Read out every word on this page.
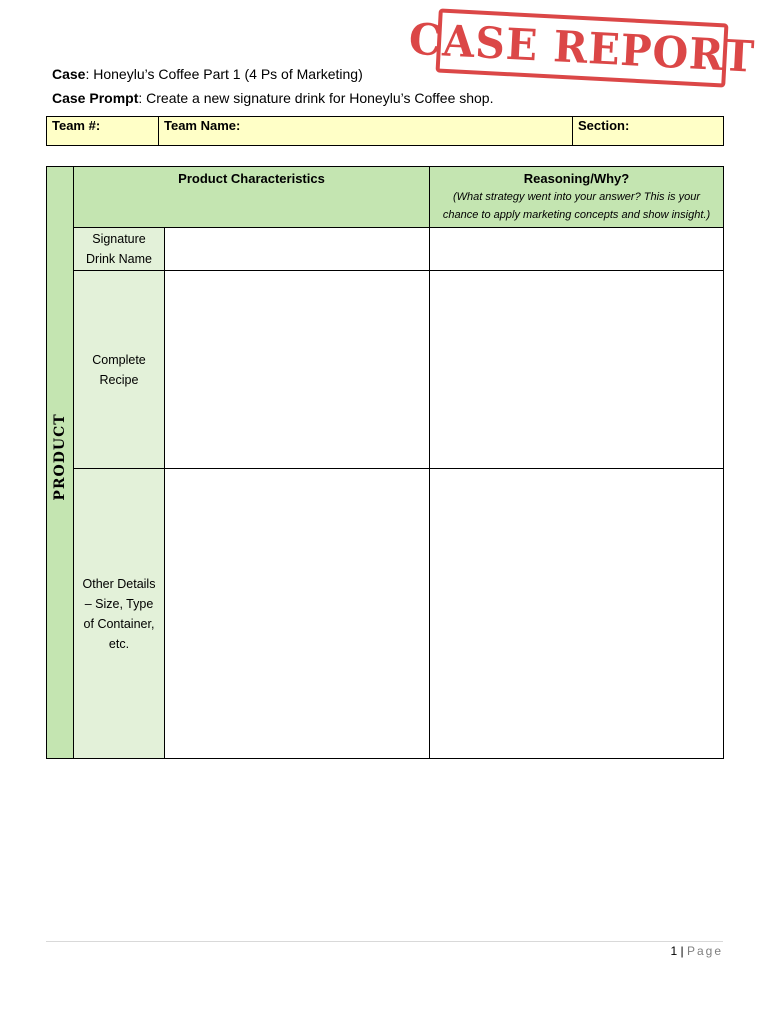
CASE REPORT
Case: Honeylu’s Coffee Part 1 (4 Ps of Marketing)
Case Prompt: Create a new signature drink for Honeylu’s Coffee shop.
Team #:	Team Name:	Section:
PRODUCT	Product Characteristics		Reasoning/Why?
(What strategy went into your answer? This is your chance to apply marketing concepts and show insight.)

	Signature Drink Name		
	Complete Recipe		
	Other Details – Size, Type of Container, etc.		
1 | Page
